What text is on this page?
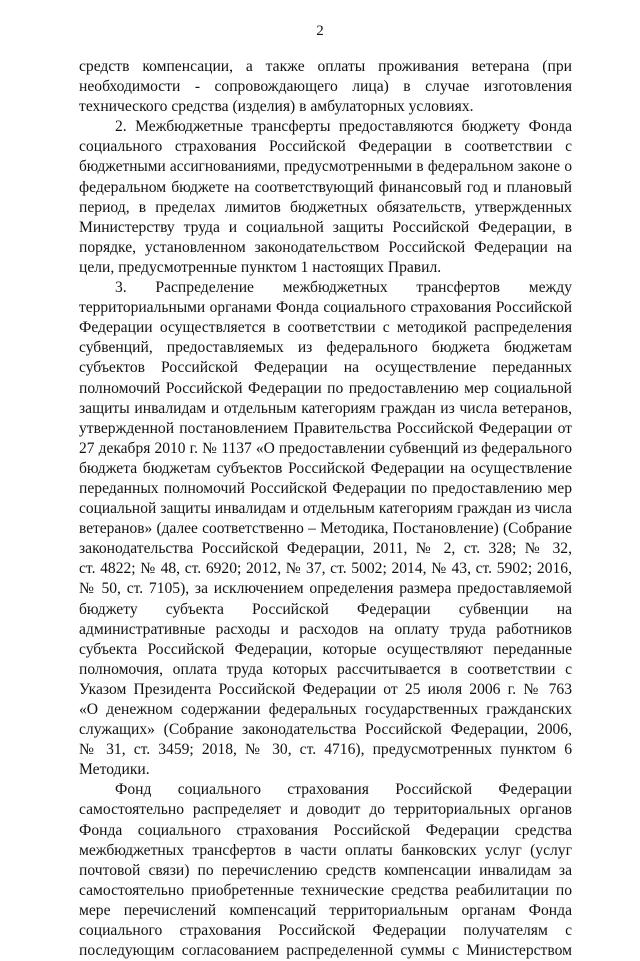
2
средств компенсации, а также оплаты проживания ветерана (при
необходимости - сопровождающего лица) в случае изготовления
технического средства (изделия) в амбулаторных условиях.
2. Межбюджетные трансферты предоставляются бюджету Фонда
социального страхования Российской Федерации в соответствии с
бюджетными ассигнованиями, предусмотренными в федеральном законе о
федеральном бюджете на соответствующий финансовый год и плановый
период, в пределах лимитов бюджетных обязательств, утвержденных
Министерству труда и социальной защиты Российской Федерации, в
порядке, установленном законодательством Российской Федерации на
цели, предусмотренные пунктом 1 настоящих Правил.
3. Распределение межбюджетных трансфертов между
территориальными органами Фонда социального страхования Российской
Федерации осуществляется в соответствии с методикой распределения
субвенций, предоставляемых из федерального бюджета бюджетам
субъектов Российской Федерации на осуществление переданных
полномочий Российской Федерации по предоставлению мер социальной
защиты инвалидам и отдельным категориям граждан из числа ветеранов,
утвержденной постановлением Правительства Российской Федерации от
27 декабря 2010 г. № 1137 «О предоставлении субвенций из федерального
бюджета бюджетам субъектов Российской Федерации на осуществление
переданных полномочий Российской Федерации по предоставлению мер
социальной защиты инвалидам и отдельным категориям граждан из числа
ветеранов» (далее соответственно – Методика, Постановление) (Собрание
законодательства Российской Федерации, 2011, № 2, ст. 328; № 32,
ст. 4822; № 48, ст. 6920; 2012, № 37, ст. 5002; 2014, № 43, ст. 5902; 2016,
№ 50, ст. 7105), за исключением определения размера предоставляемой
бюджету субъекта Российской Федерации субвенции на
административные расходы и расходов на оплату труда работников
субъекта Российской Федерации, которые осуществляют переданные
полномочия, оплата труда которых рассчитывается в соответствии с
Указом Президента Российской Федерации от 25 июля 2006 г. № 763
«О денежном содержании федеральных государственных гражданских
служащих» (Собрание законодательства Российской Федерации, 2006,
№ 31, ст. 3459; 2018, № 30, ст. 4716), предусмотренных пунктом 6
Методики.
Фонд социального страхования Российской Федерации
самостоятельно распределяет и доводит до территориальных органов
Фонда социального страхования Российской Федерации средства
межбюджетных трансфертов в части оплаты банковских услуг (услуг
почтовой связи) по перечислению средств компенсации инвалидам за
самостоятельно приобретенные технические средства реабилитации по
мере перечислений компенсаций территориальным органам Фонда
социального страхования Российской Федерации получателям с
последующим согласованием распределенной суммы с Министерством
